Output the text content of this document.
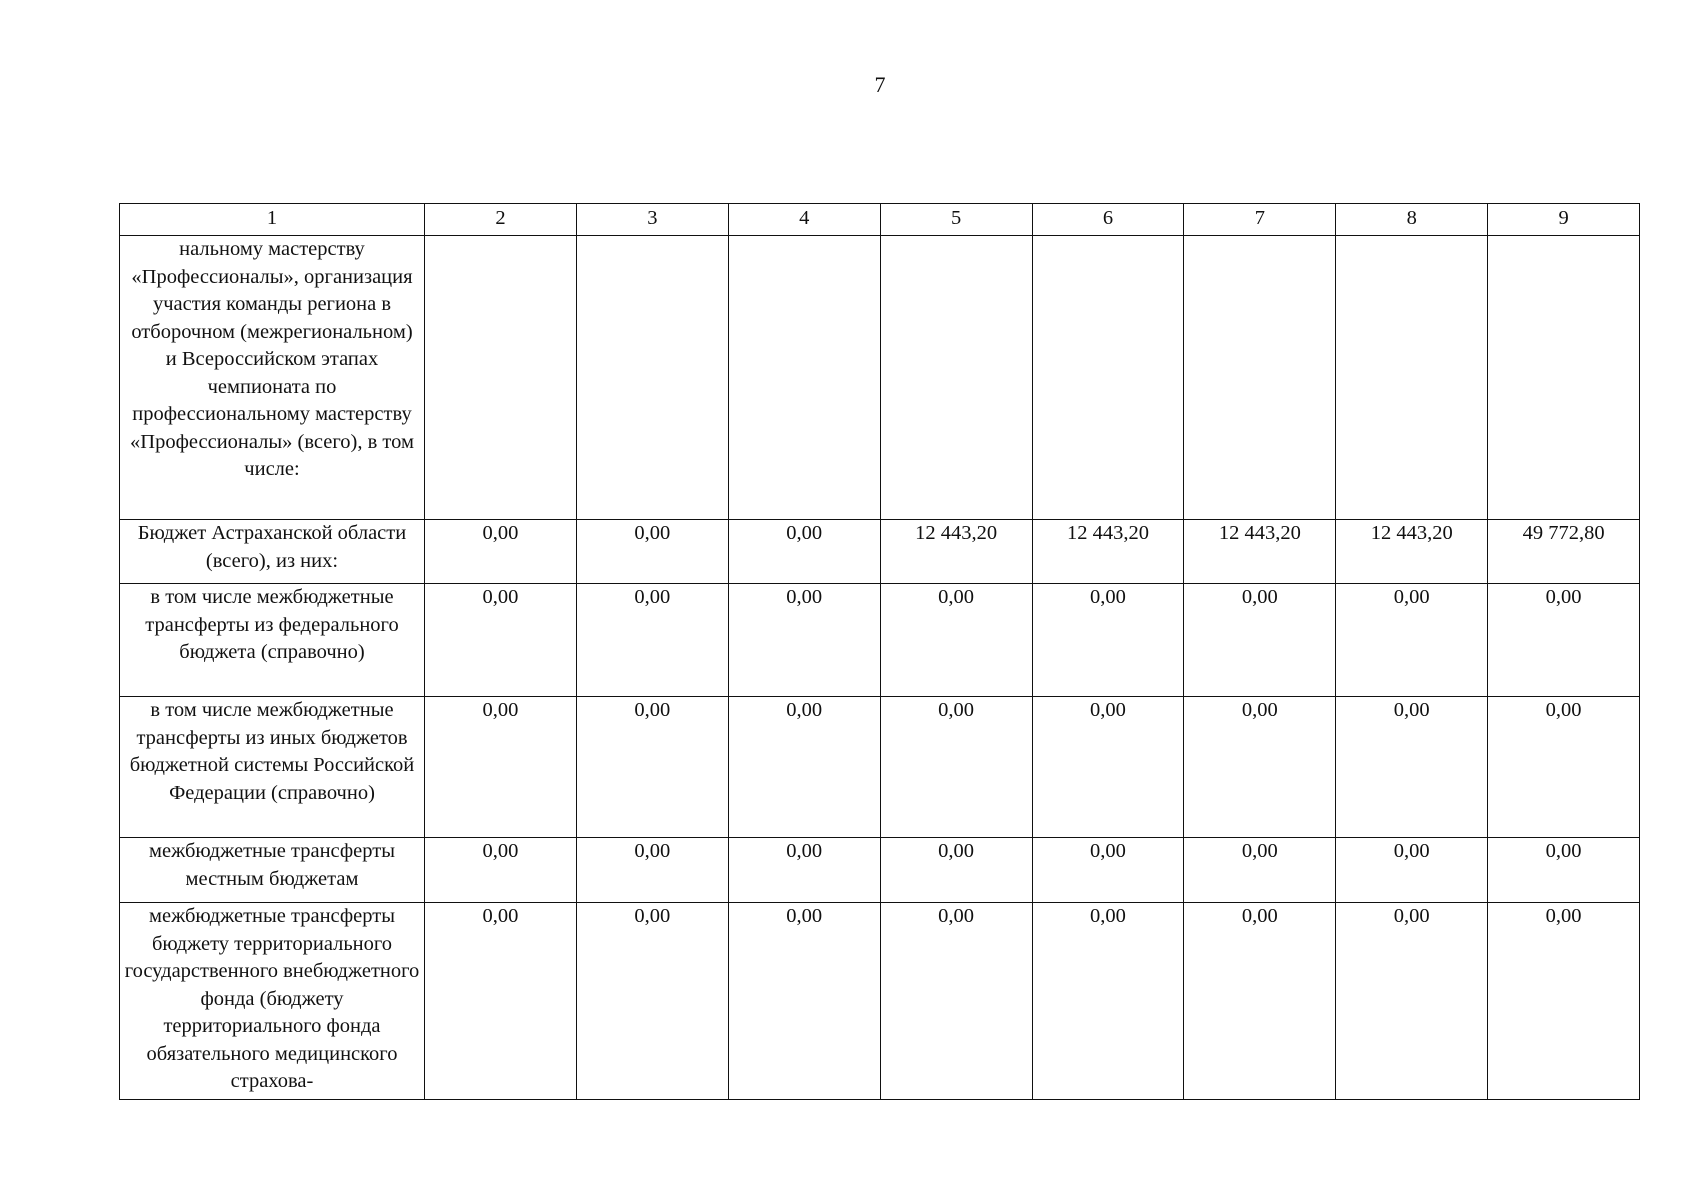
7
1	2	3	4	5	6	7	8	9
нальному мастерству «Профессионалы», организация участия команды региона в отборочном (межрегиональном) и Всероссийском этапах чемпионата по профессиональному мастерству «Профессионалы» (всего), в том числе:								
Бюджет Астраханской области (всего), из них:	0,00	0,00	0,00	12 443,20	12 443,20	12 443,20	12 443,20	49 772,80
в том числе межбюджетные трансферты из федерального бюджета (справочно)	0,00	0,00	0,00	0,00	0,00	0,00	0,00	0,00
в том числе межбюджетные трансферты из иных бюджетов бюджетной системы Российской Федерации (справочно)	0,00	0,00	0,00	0,00	0,00	0,00	0,00	0,00
межбюджетные трансферты местным бюджетам	0,00	0,00	0,00	0,00	0,00	0,00	0,00	0,00
межбюджетные трансферты бюджету территориального государственного внебюджетного фонда (бюджету территориального фонда обязательного медицинского страхова-	0,00	0,00	0,00	0,00	0,00	0,00	0,00	0,00
